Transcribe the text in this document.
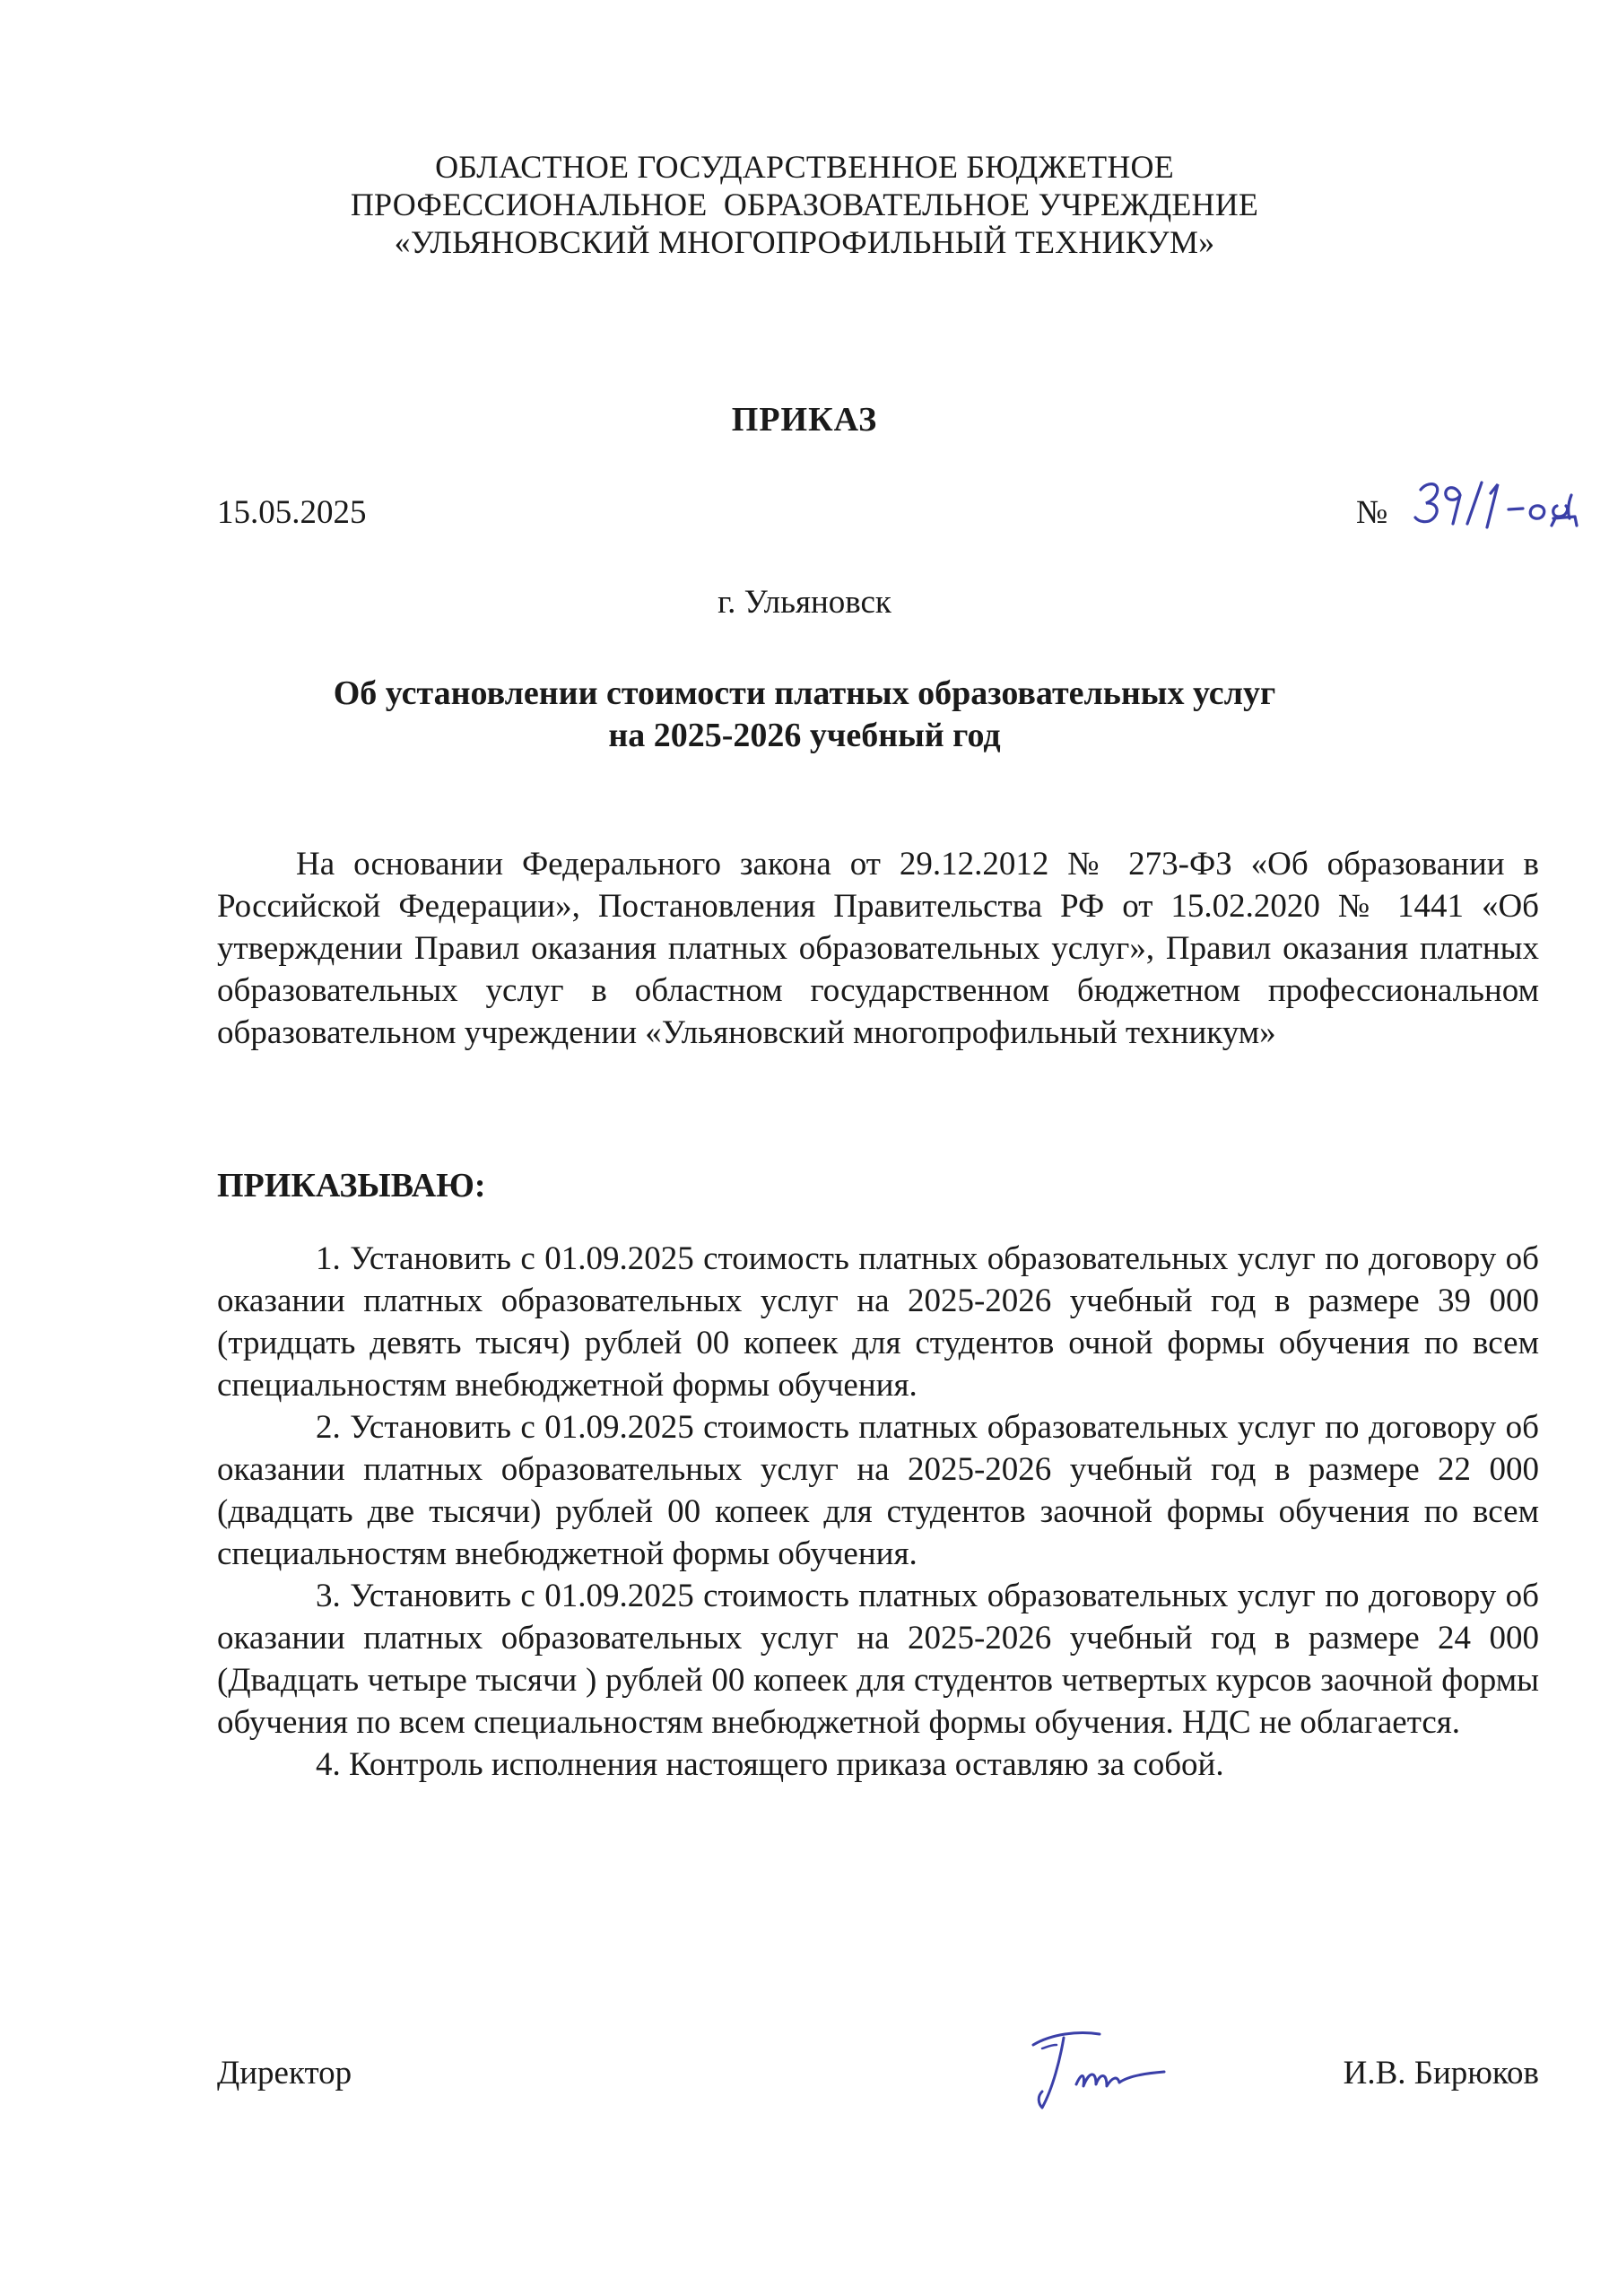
ОБЛАСТНОЕ ГОСУДАРСТВЕННОЕ БЮДЖЕТНОЕ
ПРОФЕССИОНАЛЬНОЕ  ОБРАЗОВАТЕЛЬНОЕ УЧРЕЖДЕНИЕ
«УЛЬЯНОВСКИЙ МНОГОПРОФИЛЬНЫЙ ТЕХНИКУМ»
ПРИКАЗ
15.05.2025	№
г. Ульяновск
Об установлении стоимости платных образовательных услуг
на 2025-2026 учебный год
На основании Федерального закона от 29.12.2012 № 273-ФЗ «Об образовании в Российской Федерации», Постановления Правительства РФ от 15.02.2020 № 1441 «Об утверждении Правил оказания платных образовательных услуг», Правил оказания платных образовательных услуг в областном государственном бюджетном профессиональном образовательном учреждении «Ульяновский многопрофильный техникум»
ПРИКАЗЫВАЮ:

1. Установить с 01.09.2025 стоимость платных образовательных услуг по договору об оказании платных образовательных услуг на 2025-2026 учебный год в размере 39 000 (тридцать девять тысяч) рублей 00 копеек для студентов очной формы обучения по всем специальностям внебюджетной формы обучения.

2. Установить с 01.09.2025 стоимость платных образовательных услуг по договору об оказании платных образовательных услуг на 2025-2026 учебный год в размере 22 000 (двадцать две тысячи) рублей 00 копеек для студентов заочной формы обучения по всем специальностям внебюджетной формы обучения.

3. Установить с 01.09.2025 стоимость платных образовательных услуг по договору об оказании платных образовательных услуг на 2025-2026 учебный год в размере 24 000 (Двадцать четыре тысячи ) рублей 00 копеек для студентов четвертых курсов заочной формы обучения по всем специальностям внебюджетной формы обучения. НДС не облагается.

4. Контроль исполнения настоящего приказа оставляю за собой.

Директор	И.В. Бирюков
